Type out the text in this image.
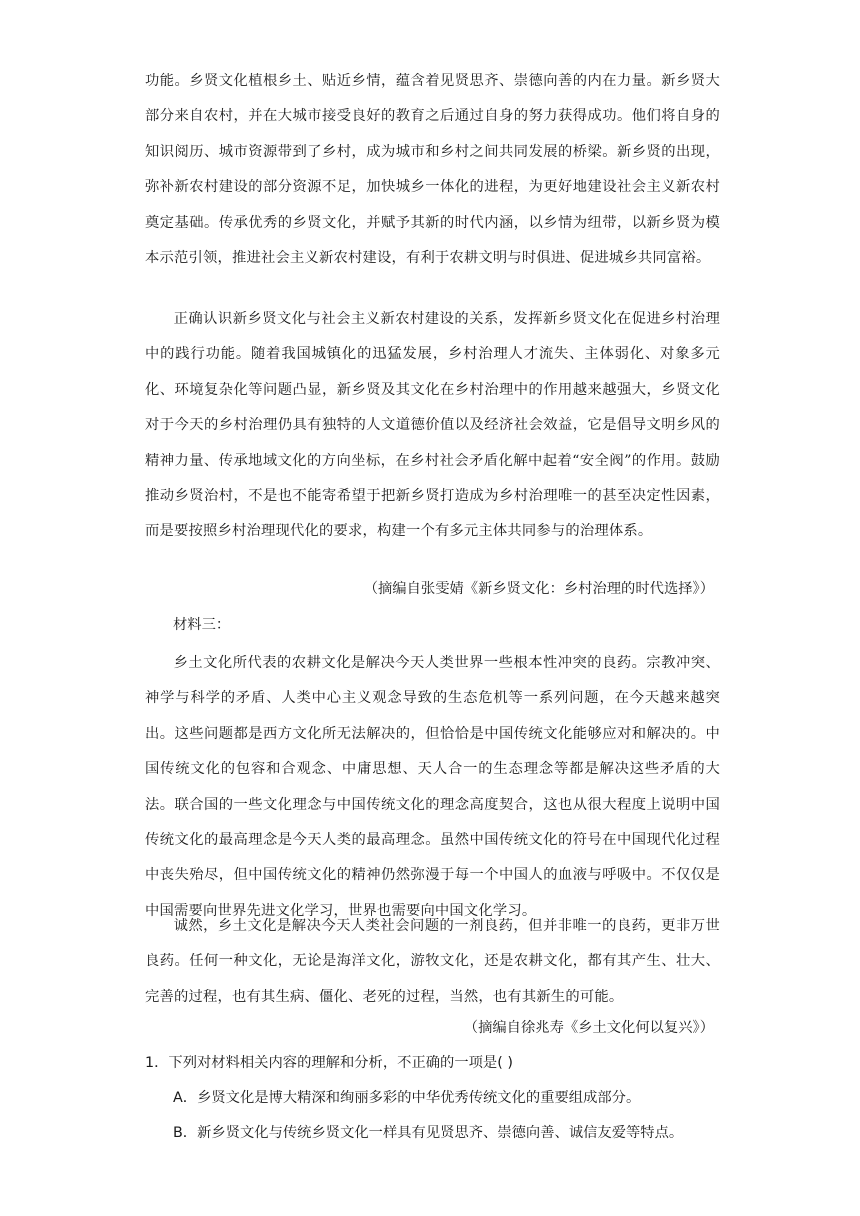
功能。乡贤文化植根乡土、贴近乡情，蕴含着见贤思齐、崇德向善的内在力量。新乡贤大部分来自农村，并在大城市接受良好的教育之后通过自身的努力获得成功。他们将自身的知识阅历、城市资源带到了乡村，成为城市和乡村之间共同发展的桥梁。新乡贤的出现，弥补新农村建设的部分资源不足，加快城乡一体化的进程，为更好地建设社会主义新农村奠定基础。传承优秀的乡贤文化，并赋予其新的时代内涵，以乡情为纽带，以新乡贤为模本示范引领，推进社会主义新农村建设，有利于农耕文明与时俱进、促进城乡共同富裕。

正确认识新乡贤文化与社会主义新农村建设的关系，发挥新乡贤文化在促进乡村治理中的践行功能。随着我国城镇化的迅猛发展，乡村治理人才流失、主体弱化、对象多元化、环境复杂化等问题凸显，新乡贤及其文化在乡村治理中的作用越来越强大，乡贤文化对于今天的乡村治理仍具有独特的人文道德价值以及经济社会效益，它是倡导文明乡风的精神力量、传承地域文化的方向坐标，在乡村社会矛盾化解中起着“安全阀”的作用。鼓励推动乡贤治村，不是也不能寄希望于把新乡贤打造成为乡村治理唯一的甚至决定性因素，而是要按照乡村治理现代化的要求，构建一个有多元主体共同参与的治理体系。

（摘编自张雯婧《新乡贤文化：乡村治理的时代选择》）

材料三：

乡土文化所代表的农耕文化是解决今天人类世界一些根本性冲突的良药。宗教冲突、神学与科学的矛盾、人类中心主义观念导致的生态危机等一系列问题，在今天越来越突出。这些问题都是西方文化所无法解决的，但恰恰是中国传统文化能够应对和解决的。中国传统文化的包容和合观念、中庸思想、天人合一的生态理念等都是解决这些矛盾的大法。联合国的一些文化理念与中国传统文化的理念高度契合，这也从很大程度上说明中国传统文化的最高理念是今天人类的最高理念。虽然中国传统文化的符号在中国现代化过程中丧失殆尽，但中国传统文化的精神仍然弥漫于每一个中国人的血液与呼吸中。不仅仅是中国需要向世界先进文化学习，世界也需要向中国文化学习。

诚然，乡土文化是解决今天人类社会问题的一剂良药，但并非唯一的良药，更非万世良药。任何一种文化，无论是海洋文化，游牧文化，还是农耕文化，都有其产生、壮大、完善的过程，也有其生病、僵化、老死的过程，当然，也有其新生的可能。

（摘编自徐兆寿《乡土文化何以复兴》）

1．下列对材料相关内容的理解和分析，不正确的一项是( )

A．乡贤文化是博大精深和绚丽多彩的中华优秀传统文化的重要组成部分。

B．新乡贤文化与传统乡贤文化一样具有见贤思齐、崇德向善、诚信友爱等特点。
